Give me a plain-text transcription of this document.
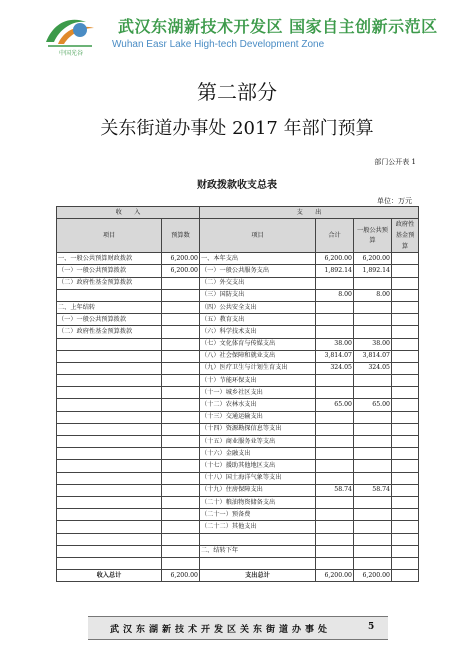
中国光谷
武汉东湖新技术开发区 国家自主创新示范区
Wuhan Easr Lake High-tech Development Zone
第二部分
关东街道办事处 2017 年部门预算
部门公开表 1
财政拨款收支总表
单位：万元
收　　入		支　　出			
项目	预算数	项目	合计	一般公共预算	政府性基金预算

一、一般公共预算财政拨款	6,200.00	一、本年支出	6,200.00	6,200.00	
（一）一般公共预算拨款	6,200.00	（一）一般公共服务支出	1,892.14	1,892.14	
（二）政府性基金预算拨款		（二）外交支出			
		（三）国防支出	8.00	8.00	
二、上年结转		（四）公共安全支出			
（一）一般公共预算拨款		（五）教育支出			
（二）政府性基金预算拨款		（六）科学技术支出			
		（七）文化体育与传媒支出	38.00	38.00	
		（八）社会保障和就业支出	3,814.07	3,814.07	
		（九）医疗卫生与计划生育支出	324.05	324.05	
		（十）节能环保支出			
		（十一）城乡社区支出			
		（十二）农林水支出	65.00	65.00	
		（十三）交通运输支出			
		（十四）资源勘探信息等支出			
		（十五）商业服务业等支出			
		（十六）金融支出			
		（十七）援助其他地区支出			
		（十八）国土海洋气象等支出			
		（十九）住房保障支出	58.74	58.74	
		（二十）粮油物资储备支出			
		（二十一）预备费			
		（二十二）其他支出			

		二、结转下年			

收入总计	6,200.00	支出总计	6,200.00	6,200.00	
武汉东湖新技术开发区关东街道办事处	5
